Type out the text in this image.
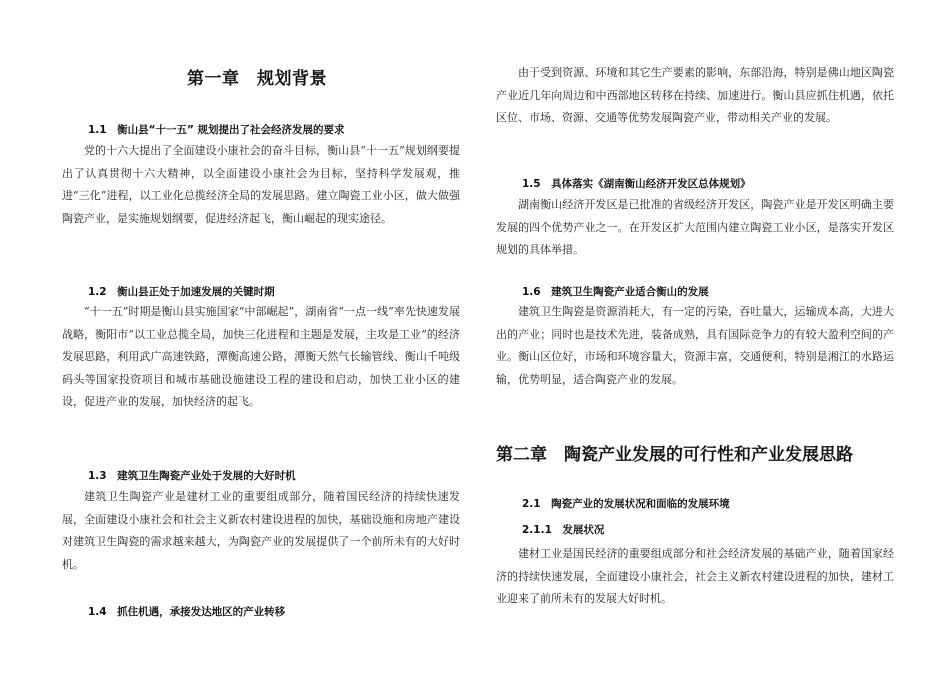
第一章　规划背景
1.1　衡山县“十一五” 规划提出了社会经济发展的要求
党的十六大提出了全面建设小康社会的奋斗目标，衡山县“十一五”规划纲要提出了认真贯彻十六大精神，以全面建设小康社会为目标，坚持科学发展观，推进“三化”进程，以工业化总揽经济全局的发展思路。建立陶瓷工业小区，做大做强陶瓷产业，是实施规划纲要，促进经济起飞，衡山崛起的现实途径。
1.2　衡山县正处于加速发展的关键时期
“十一五”时期是衡山县实施国家“中部崛起”，湖南省“一点一线”率先快速发展战略，衡阳市“以工业总揽全局，加快三化进程和主题是发展，主攻是工业”的经济发展思路，利用武广高速铁路，潭衡高速公路，潭衡天然气长输管线、衡山千吨级码头等国家投资项目和城市基础设施建设工程的建设和启动，加快工业小区的建设，促进产业的发展，加快经济的起飞。
1.3　建筑卫生陶瓷产业处于发展的大好时机
建筑卫生陶瓷产业是建材工业的重要组成部分，随着国民经济的持续快速发展，全面建设小康社会和社会主义新农村建设进程的加快，基础设施和房地产建设对建筑卫生陶瓷的需求越来越大，为陶瓷产业的发展提供了一个前所未有的大好时机。
1.4　抓住机遇，承接发达地区的产业转移
由于受到资源、环境和其它生产要素的影响，东部沿海，特别是佛山地区陶瓷产业近几年向周边和中西部地区转移在持续、加速进行。衡山县应抓住机遇，依托区位、市场、资源、交通等优势发展陶瓷产业，带动相关产业的发展。
1.5　具体落实《湖南衡山经济开发区总体规划》
湖南衡山经济开发区是已批准的省级经济开发区，陶瓷产业是开发区明确主要发展的四个优势产业之一。在开发区扩大范围内建立陶瓷工业小区，是落实开发区规划的具体举措。
1.6　建筑卫生陶瓷产业适合衡山的发展
建筑卫生陶瓷是资源消耗大，有一定的污染，吞吐量大，运输成本高，大进大出的产业；同时也是技术先进，装备成熟，具有国际竞争力的有较大盈利空间的产业。衡山区位好，市场和环境容量大，资源丰富，交通便利，特别是湘江的水路运输，优势明显，适合陶瓷产业的发展。
第二章　陶瓷产业发展的可行性和产业发展思路
2.1　陶瓷产业的发展状况和面临的发展环境
2.1.1　发展状况
建材工业是国民经济的重要组成部分和社会经济发展的基础产业，随着国家经济的持续快速发展，全面建设小康社会，社会主义新农村建设进程的加快，建材工业迎来了前所未有的发展大好时机。
